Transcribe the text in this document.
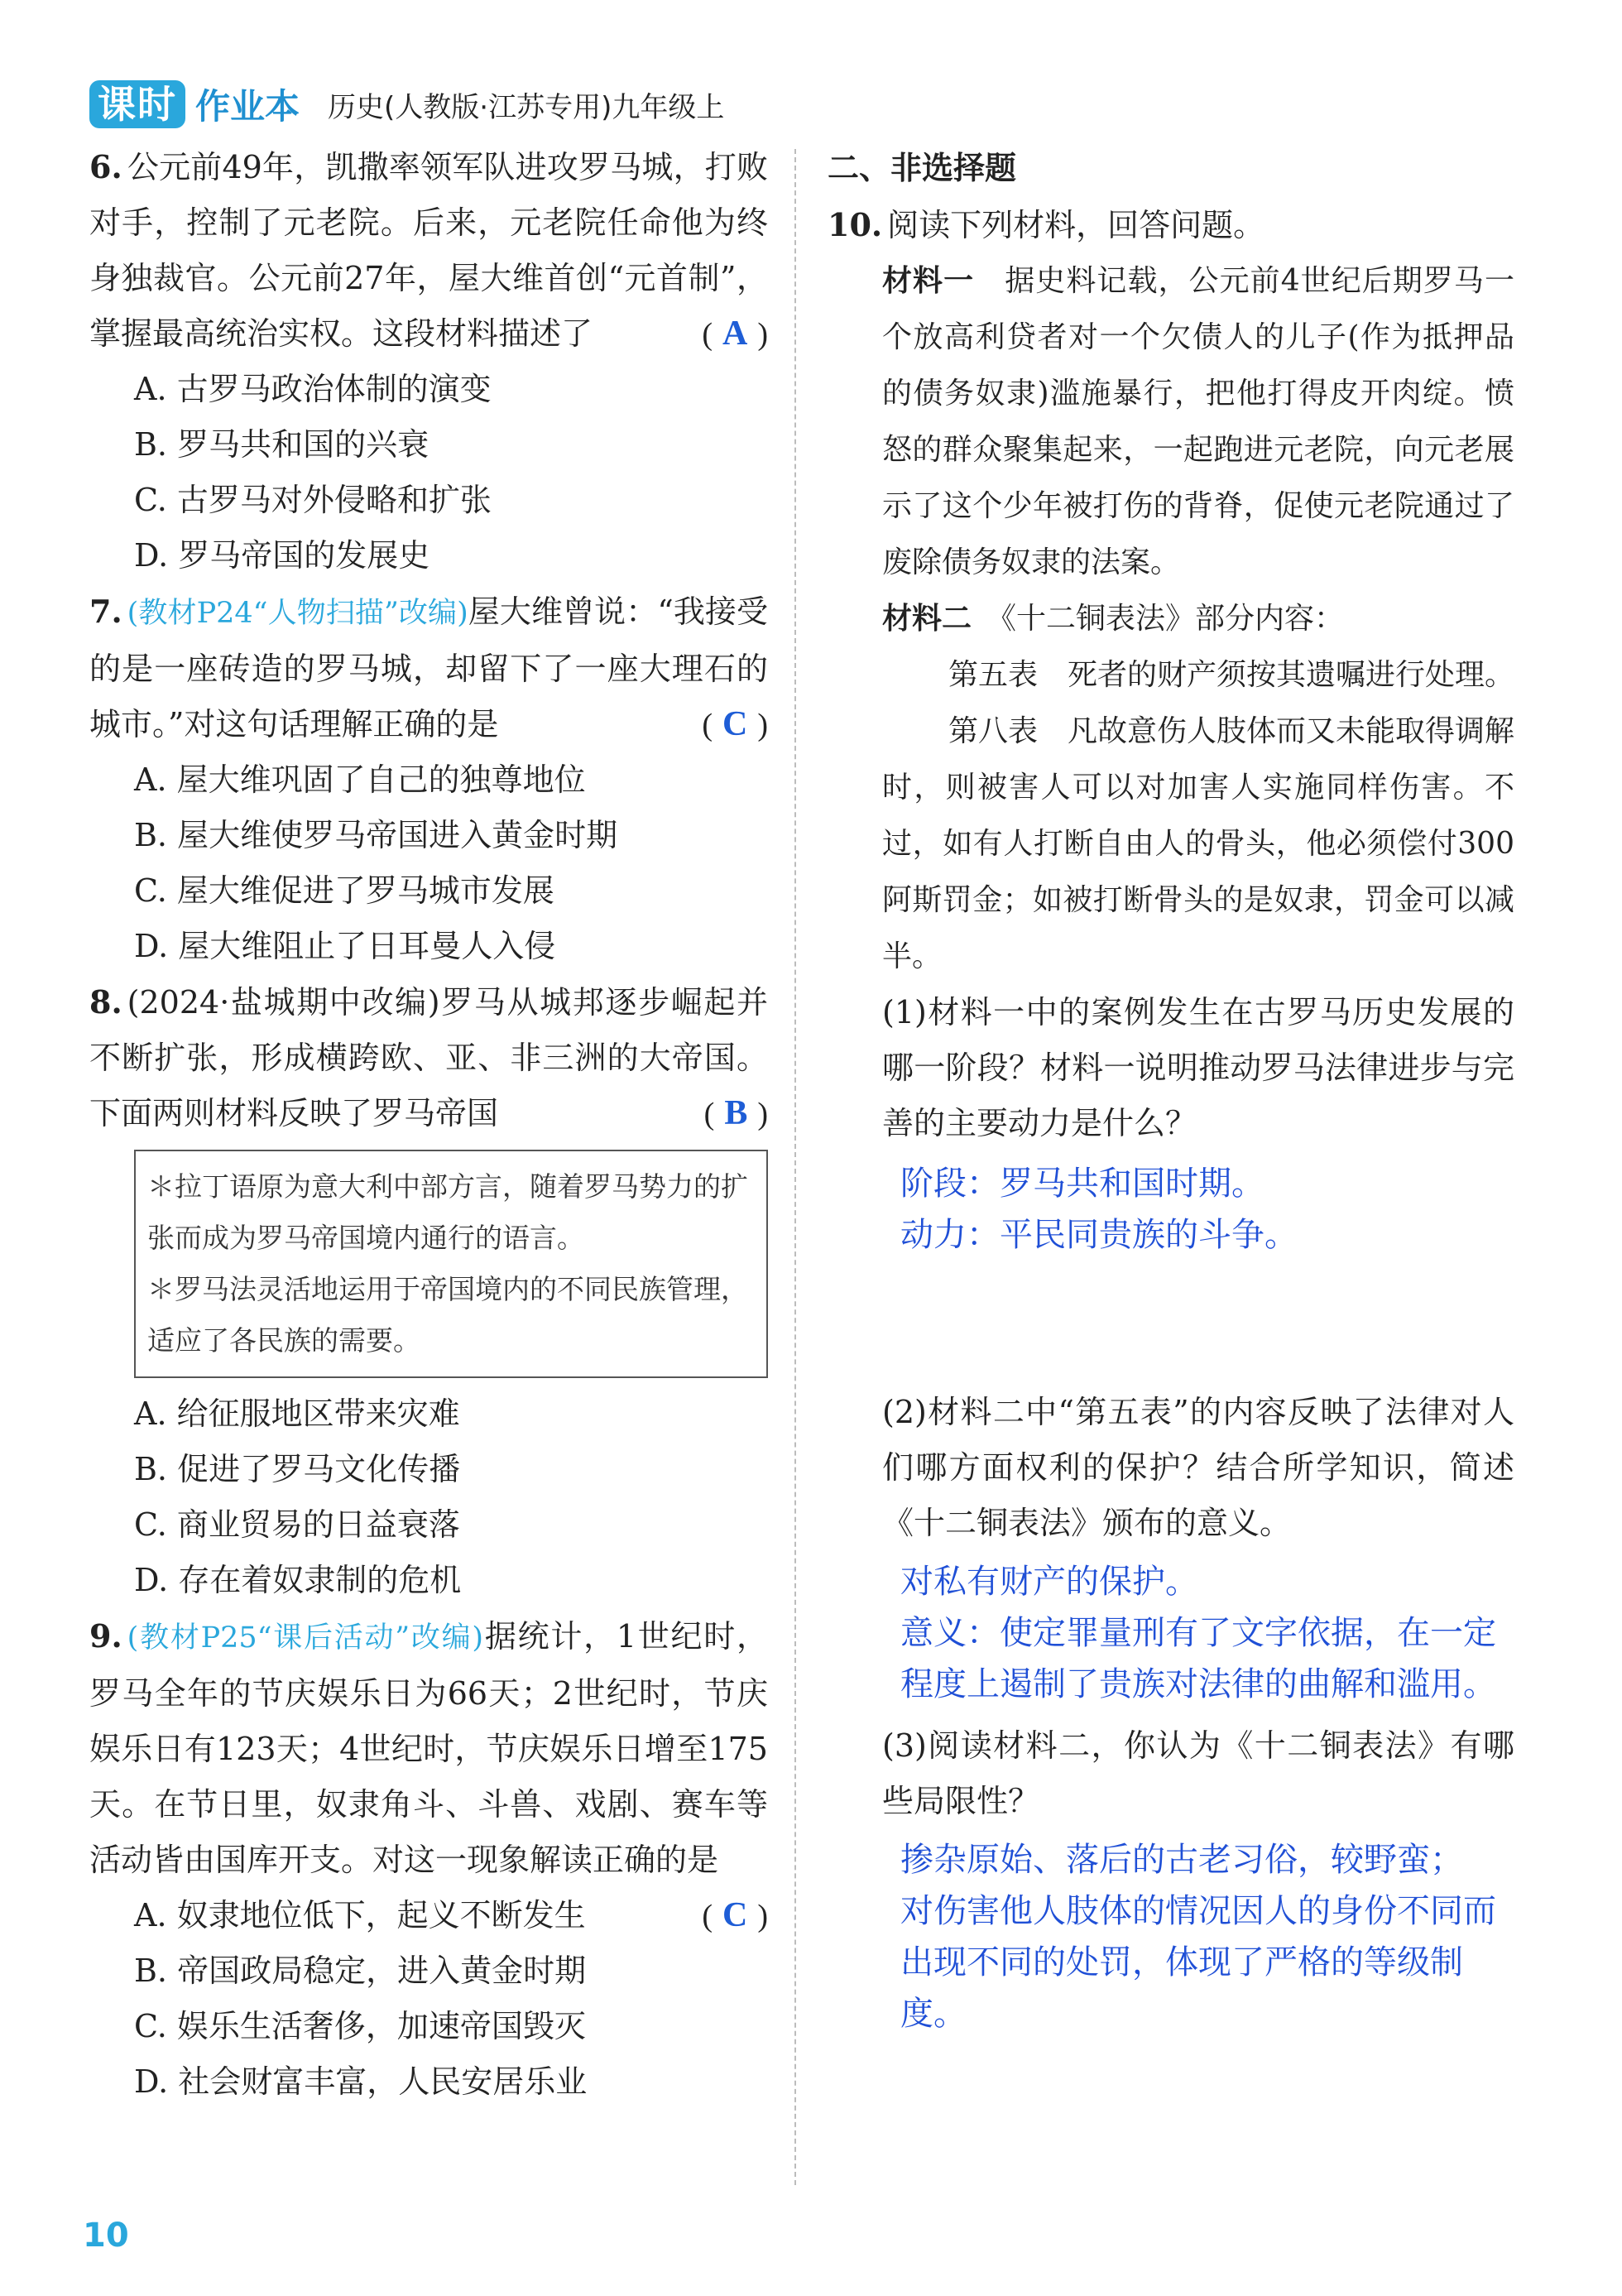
课时 作业本 历史(人教版·江苏专用)九年级上
6. 公元前49年，凯撒率领军队进攻罗马城，打败对手，控制了元老院。后来，元老院任命他为终身独裁官。公元前27年，屋大维首创“元首制”，掌握最高统治实权。这段材料描述了	( A )
A. 古罗马政治体制的演变
B. 罗马共和国的兴衰
C. 古罗马对外侵略和扩张
D. 罗马帝国的发展史
7. (教材P24“人物扫描”改编)屋大维曾说：“我接受的是一座砖造的罗马城，却留下了一座大理石的城市。”对这句话理解正确的是	( C )
A. 屋大维巩固了自己的独尊地位
B. 屋大维使罗马帝国进入黄金时期
C. 屋大维促进了罗马城市发展
D. 屋大维阻止了日耳曼人入侵
8. (2024·盐城期中改编)罗马从城邦逐步崛起并不断扩张，形成横跨欧、亚、非三洲的大帝国。下面两则材料反映了罗马帝国	( B )
＊拉丁语原为意大利中部方言，随着罗马势力的扩张而成为罗马帝国境内通行的语言。
＊罗马法灵活地运用于帝国境内的不同民族管理，适应了各民族的需要。
A. 给征服地区带来灾难
B. 促进了罗马文化传播
C. 商业贸易的日益衰落
D. 存在着奴隶制的危机
9. (教材P25“课后活动”改编)据统计，1世纪时，罗马全年的节庆娱乐日为66天；2世纪时，节庆娱乐日有123天；4世纪时，节庆娱乐日增至175天。在节日里，奴隶角斗、斗兽、戏剧、赛车等活动皆由国库开支。对这一现象解读正确的是
( C )
A. 奴隶地位低下，起义不断发生
B. 帝国政局稳定，进入黄金时期
C. 娱乐生活奢侈，加速帝国毁灭
D. 社会财富丰富，人民安居乐业
二、非选择题
10. 阅读下列材料，回答问题。
材料一　 据史料记载，公元前4世纪后期罗马一个放高利贷者对一个欠债人的儿子(作为抵押品的债务奴隶)滥施暴行，把他打得皮开肉绽。愤怒的群众聚集起来，一起跑进元老院，向元老展示了这个少年被打伤的背脊，促使元老院通过了废除债务奴隶的法案。
材料二　 《十二铜表法》部分内容：
第五表　死者的财产须按其遗嘱进行处理。
第八表　凡故意伤人肢体而又未能取得调解时，则被害人可以对加害人实施同样伤害。不过，如有人打断自由人的骨头，他必须偿付300阿斯罚金；如被打断骨头的是奴隶，罚金可以减半。
(1)材料一中的案例发生在古罗马历史发展的哪一阶段？材料一说明推动罗马法律进步与完善的主要动力是什么？
阶段：罗马共和国时期。
动力：平民同贵族的斗争。
(2)材料二中“第五表”的内容反映了法律对人们哪方面权利的保护？结合所学知识，简述《十二铜表法》颁布的意义。
对私有财产的保护。
意义：使定罪量刑有了文字依据，在一定程度上遏制了贵族对法律的曲解和滥用。
(3)阅读材料二，你认为《十二铜表法》有哪些局限性？
掺杂原始、落后的古老习俗，较野蛮；
对伤害他人肢体的情况因人的身份不同而出现不同的处罚，体现了严格的等级制度。
10
